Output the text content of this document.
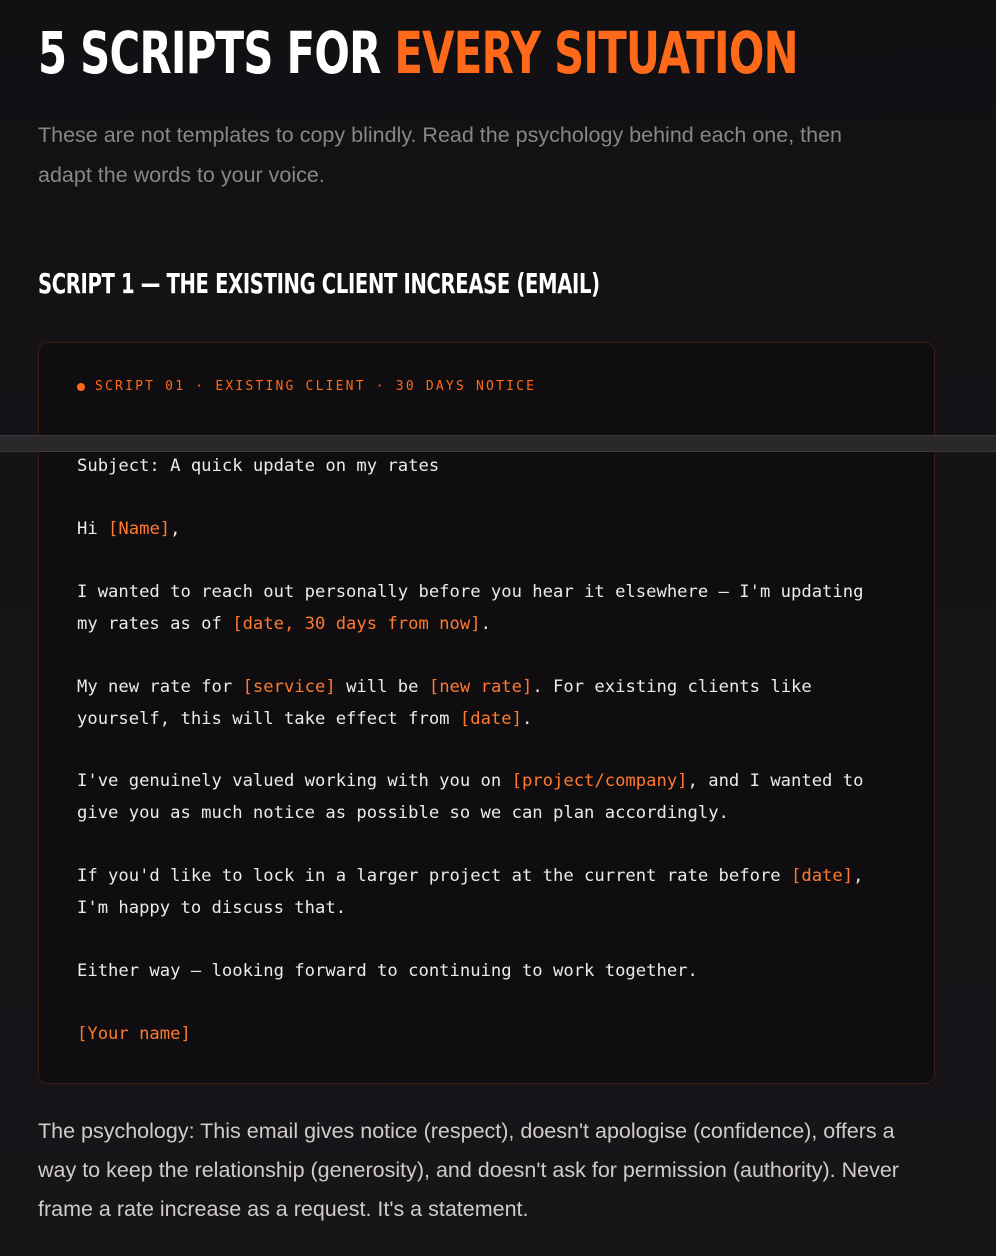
5 SCRIPTS FOR EVERY SITUATION

These are not templates to copy blindly. Read the psychology behind each one, then adapt the words to your voice.

SCRIPT 1 — THE EXISTING CLIENT INCREASE (EMAIL)
SCRIPT 01 · EXISTING CLIENT · 30 DAYS NOTICE

Subject: A quick update on my rates

Hi [Name],

I wanted to reach out personally before you hear it elsewhere — I'm updating

my rates as of [date, 30 days from now].

My new rate for [service] will be [new rate]. For existing clients like

yourself, this will take effect from [date].

I've genuinely valued working with you on [project/company], and I wanted to

give you as much notice as possible so we can plan accordingly.

If you'd like to lock in a larger project at the current rate before [date],

I'm happy to discuss that.

Either way — looking forward to continuing to work together.

[Your name]

The psychology: This email gives notice (respect), doesn't apologise (confidence), offers a way to keep the relationship (generosity), and doesn't ask for permission (authority). Never frame a rate increase as a request. It's a statement.
